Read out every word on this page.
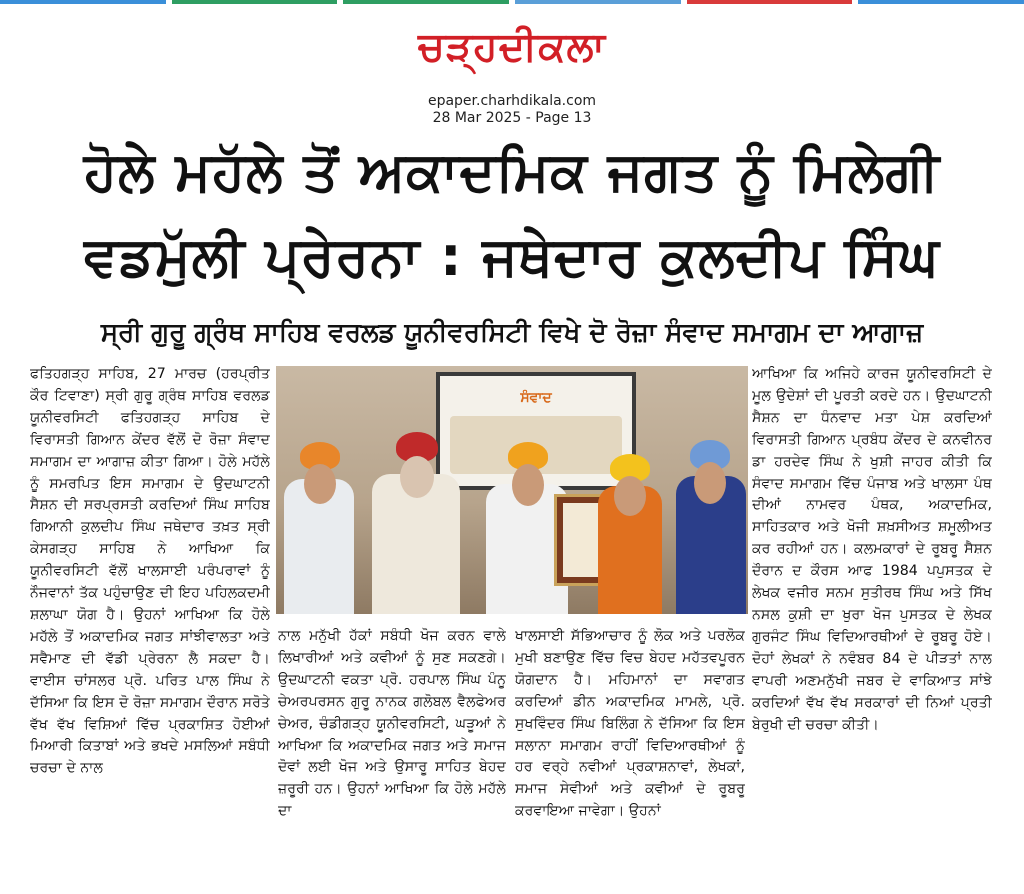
ਚੜ੍ਹਦੀਕਲਾ
epaper.charhdikala.com
28 Mar 2025 - Page 13
ਹੋਲੇ ਮਹੱਲੇ ਤੋਂ ਅਕਾਦਮਿਕ ਜਗਤ ਨੂੰ ਮਿਲੇਗੀ
ਵਡਮੁੱਲੀ ਪ੍ਰੇਰਨਾ : ਜਥੇਦਾਰ ਕੁਲਦੀਪ ਸਿੰਘ
ਸ੍ਰੀ ਗੁਰੂ ਗ੍ਰੰਥ ਸਾਹਿਬ ਵਰਲਡ ਯੂਨੀਵਰਸਿਟੀ ਵਿਖੇ ਦੋ ਰੋਜ਼ਾ ਸੰਵਾਦ ਸਮਾਗਮ ਦਾ ਆਗਾਜ਼

ਫਤਿਹਗੜ੍ਹ ਸਾਹਿਬ, 27 ਮਾਰਚ (ਹਰਪ੍ਰੀਤ ਕੌਰ ਟਿਵਾਣਾ) ਸ੍ਰੀ ਗੁਰੂ ਗ੍ਰੰਥ ਸਾਹਿਬ ਵਰਲਡ ਯੂਨੀਵਰਸਿਟੀ ਫਤਿਹਗੜ੍ਹ ਸਾਹਿਬ ਦੇ ਵਿਰਾਸਤੀ ਗਿਆਨ ਕੇਂਦਰ ਵੱਲੋਂ ਦੋ ਰੋਜ਼ਾ ਸੰਵਾਦ ਸਮਾਗਮ ਦਾ ਆਗਾਜ਼ ਕੀਤਾ ਗਿਆ। ਹੋਲੇ ਮਹੱਲੇ ਨੂੰ ਸਮਰਪਿਤ ਇਸ ਸਮਾਗਮ ਦੇ ਉਦਘਾਟਨੀ ਸੈਸ਼ਨ ਦੀ ਸਰਪ੍ਰਸਤੀ ਕਰਦਿਆਂ ਸਿੰਘ ਸਾਹਿਬ ਗਿਆਨੀ ਕੁਲਦੀਪ ਸਿੰਘ ਜਥੇਦਾਰ ਤਖ਼ਤ ਸ੍ਰੀ ਕੇਸਗੜ੍ਹ ਸਾਹਿਬ ਨੇ ਆਖਿਆ ਕਿ ਯੂਨੀਵਰਸਿਟੀ ਵੱਲੋਂ ਖਾਲਸਾਈ ਪਰੰਪਰਾਵਾਂ ਨੂੰ ਨੌਜਵਾਨਾਂ ਤੱਕ ਪਹੁੰਚਾਉਣ ਦੀ ਇਹ ਪਹਿਲਕਦਮੀ ਸ਼ਲਾਘਾ ਯੋਗ ਹੈ। ਉਹਨਾਂ ਆਖਿਆ ਕਿ ਹੋਲੇ ਮਹੱਲੇ ਤੋਂ ਅਕਾਦਮਿਕ ਜਗਤ ਸਾਂਝੀਵਾਲਤਾ ਅਤੇ ਸਵੈਮਾਣ ਦੀ ਵੱਡੀ ਪ੍ਰੇਰਨਾ ਲੈ ਸਕਦਾ ਹੈ। ਵਾਈਸ ਚਾਂਸਲਰ ਪ੍ਰੋ. ਪਰਿਤ ਪਾਲ ਸਿੰਘ ਨੇ ਦੱਸਿਆ ਕਿ ਇਸ ਦੋ ਰੋਜ਼ਾ ਸਮਾਗਮ ਦੌਰਾਨ ਸਰੋਤੇ ਵੱਖ ਵੱਖ ਵਿਸ਼ਿਆਂ ਵਿੱਚ ਪ੍ਰਕਾਸ਼ਿਤ ਹੋਈਆਂ ਮਿਆਰੀ ਕਿਤਾਬਾਂ ਅਤੇ ਭਖਦੇ ਮਸਲਿਆਂ ਸਬੰਧੀ ਚਰਚਾ ਦੇ ਨਾਲ

ਸੰਵਾਦ

ਨਾਲ ਮਨੁੱਖੀ ਹੱਕਾਂ ਸਬੰਧੀ ਖੋਜ ਕਰਨ ਵਾਲੇ ਲਿਖਾਰੀਆਂ ਅਤੇ ਕਵੀਆਂ ਨੂੰ ਸੁਣ ਸਕਣਗੇ। ਉਦਘਾਟਨੀ ਵਕਤਾ ਪ੍ਰੋ. ਹਰਪਾਲ ਸਿੰਘ ਪੰਨੂ ਚੇਅਰਪਰਸਨ ਗੁਰੂ ਨਾਨਕ ਗਲੋਬਲ ਵੈਲਫੇਅਰ ਚੇਅਰ, ਚੰਡੀਗੜ੍ਹ ਯੂਨੀਵਰਸਿਟੀ, ਘੜੂਆਂ ਨੇ ਆਖਿਆ ਕਿ ਅਕਾਦਮਿਕ ਜਗਤ ਅਤੇ ਸਮਾਜ ਦੋਵਾਂ ਲਈ ਖੋਜ ਅਤੇ ਉਸਾਰੂ ਸਾਹਿਤ ਬੇਹਦ ਜ਼ਰੂਰੀ ਹਨ। ਉਹਨਾਂ ਆਖਿਆ ਕਿ ਹੋਲੇ ਮਹੱਲੇ ਦਾ

ਖਾਲਸਾਈ ਸੱਭਿਆਚਾਰ ਨੂੰ ਲੋਕ ਅਤੇ ਪਰਲੋਕ ਮੁਖੀ ਬਣਾਉਣ ਵਿੱਚ ਵਿਚ ਬੇਹਦ ਮਹੱਤਵਪੂਰਨ ਯੋਗਦਾਨ ਹੈ। ਮਹਿਮਾਨਾਂ ਦਾ ਸਵਾਗਤ ਕਰਦਿਆਂ ਡੀਨ ਅਕਾਦਮਿਕ ਮਾਮਲੇ, ਪ੍ਰੋ. ਸੁਖਵਿੰਦਰ ਸਿੰਘ ਬਿਲਿੰਗ ਨੇ ਦੱਸਿਆ ਕਿ ਇਸ ਸਲਾਨਾ ਸਮਾਗਮ ਰਾਹੀਂ ਵਿਦਿਆਰਥੀਆਂ ਨੂੰ ਹਰ ਵਰ੍ਹੇ ਨਵੀਆਂ ਪ੍ਰਕਾਸ਼ਨਾਵਾਂ, ਲੇਖਕਾਂ, ਸਮਾਜ ਸੇਵੀਆਂ ਅਤੇ ਕਵੀਆਂ ਦੇ ਰੂਬਰੂ ਕਰਵਾਇਆ ਜਾਵੇਗਾ। ਉਹਨਾਂ

ਆਖਿਆ ਕਿ ਅਜਿਹੇ ਕਾਰਜ ਯੂਨੀਵਰਸਿਟੀ ਦੇ ਮੂਲ ਉਦੇਸ਼ਾਂ ਦੀ ਪੂਰਤੀ ਕਰਦੇ ਹਨ। ਉਦਘਾਟਨੀ ਸੈਸ਼ਨ ਦਾ ਧੰਨਵਾਦ ਮਤਾ ਪੇਸ਼ ਕਰਦਿਆਂ ਵਿਰਾਸਤੀ ਗਿਆਨ ਪ੍ਰਬੰਧ ਕੇਂਦਰ ਦੇ ਕਨਵੀਨਰ ਡਾ ਹਰਦੇਵ ਸਿੰਘ ਨੇ ਖੁਸ਼ੀ ਜਾਹਰ ਕੀਤੀ ਕਿ ਸੰਵਾਦ ਸਮਾਗਮ ਵਿੱਚ ਪੰਜਾਬ ਅਤੇ ਖਾਲਸਾ ਪੰਥ ਦੀਆਂ ਨਾਮਵਰ ਪੰਥਕ, ਅਕਾਦਮਿਕ, ਸਾਹਿਤਕਾਰ ਅਤੇ ਖੋਜੀ ਸ਼ਖ਼ਸੀਅਤ ਸ਼ਮੂਲੀਅਤ ਕਰ ਰਹੀਆਂ ਹਨ। ਕਲਮਕਾਰਾਂ ਦੇ ਰੂਬਰੂ ਸੈਸ਼ਨ ਦੌਰਾਨ ਦ ਕੌਰਸ ਆਫ 1984 ਪਪੁਸਤਕ ਦੇ ਲੇਖਕ ਵਜੀਰ ਸਨਮ ਸੁਤੀਰਥ ਸਿੰਘ ਅਤੇ ਸਿੱਖ ਨਸਲ ਕੁਸ਼ੀ ਦਾ ਖੁਰਾ ਖੋਜ ਪੁਸਤਕ ਦੇ ਲੇਖਕ ਗੁਰਜੰਟ ਸਿੰਘ ਵਿਦਿਆਰਥੀਆਂ ਦੇ ਰੂਬਰੂ ਹੋਏ। ਦੋਹਾਂ ਲੇਖਕਾਂ ਨੇ ਨਵੰਬਰ 84 ਦੇ ਪੀੜਤਾਂ ਨਾਲ ਵਾਪਰੀ ਅਣਮਨੁੱਖੀ ਜਬਰ ਦੇ ਵਾਕਿਆਤ ਸਾਂਝੇ ਕਰਦਿਆਂ ਵੱਖ ਵੱਖ ਸਰਕਾਰਾਂ ਦੀ ਨਿਆਂ ਪ੍ਰਤੀ ਬੇਰੁਖੀ ਦੀ ਚਰਚਾ ਕੀਤੀ।
